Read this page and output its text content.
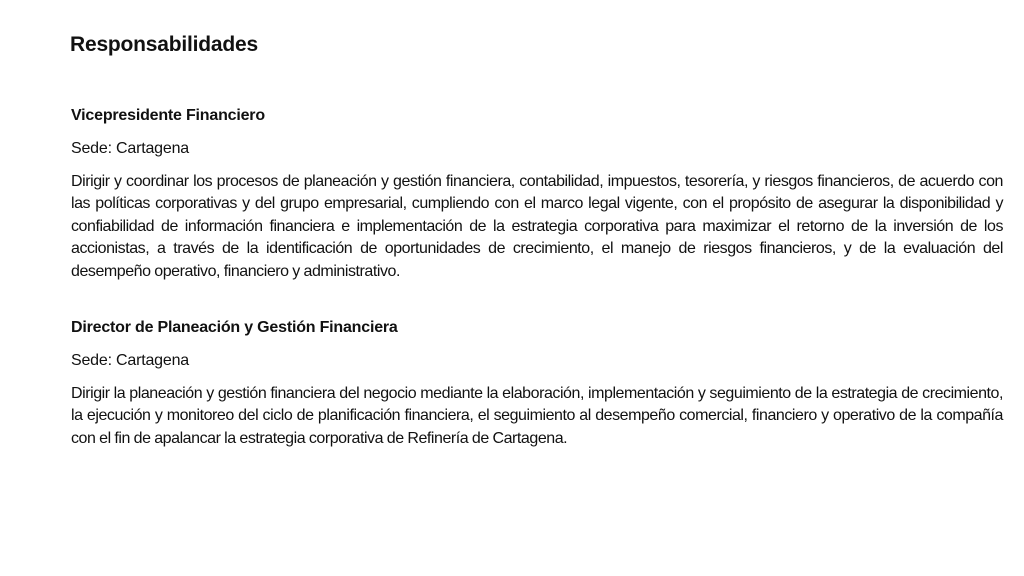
Responsabilidades
Vicepresidente Financiero
Sede: Cartagena

Dirigir y coordinar los procesos de planeación y gestión financiera, contabilidad, impuestos, tesorería, y riesgos financieros, de acuerdo con las políticas corporativas y del grupo empresarial, cumpliendo con el marco legal vigente, con el propósito de asegurar la disponibilidad y confiabilidad de información financiera e implementación de la estrategia corporativa para maximizar el retorno de la inversión de los accionistas, a través de la identificación de oportunidades de crecimiento, el manejo de riesgos financieros, y de la evaluación del desempeño operativo, financiero y administrativo.

Director de Planeación y Gestión Financiera
Sede: Cartagena

Dirigir la planeación y gestión financiera del negocio mediante la elaboración, implementación y seguimiento de la estrategia de crecimiento, la ejecución y monitoreo del ciclo de planificación financiera, el seguimiento al desempeño comercial, financiero y operativo de la compañía con el fin de apalancar la estrategia corporativa de Refinería de Cartagena.
